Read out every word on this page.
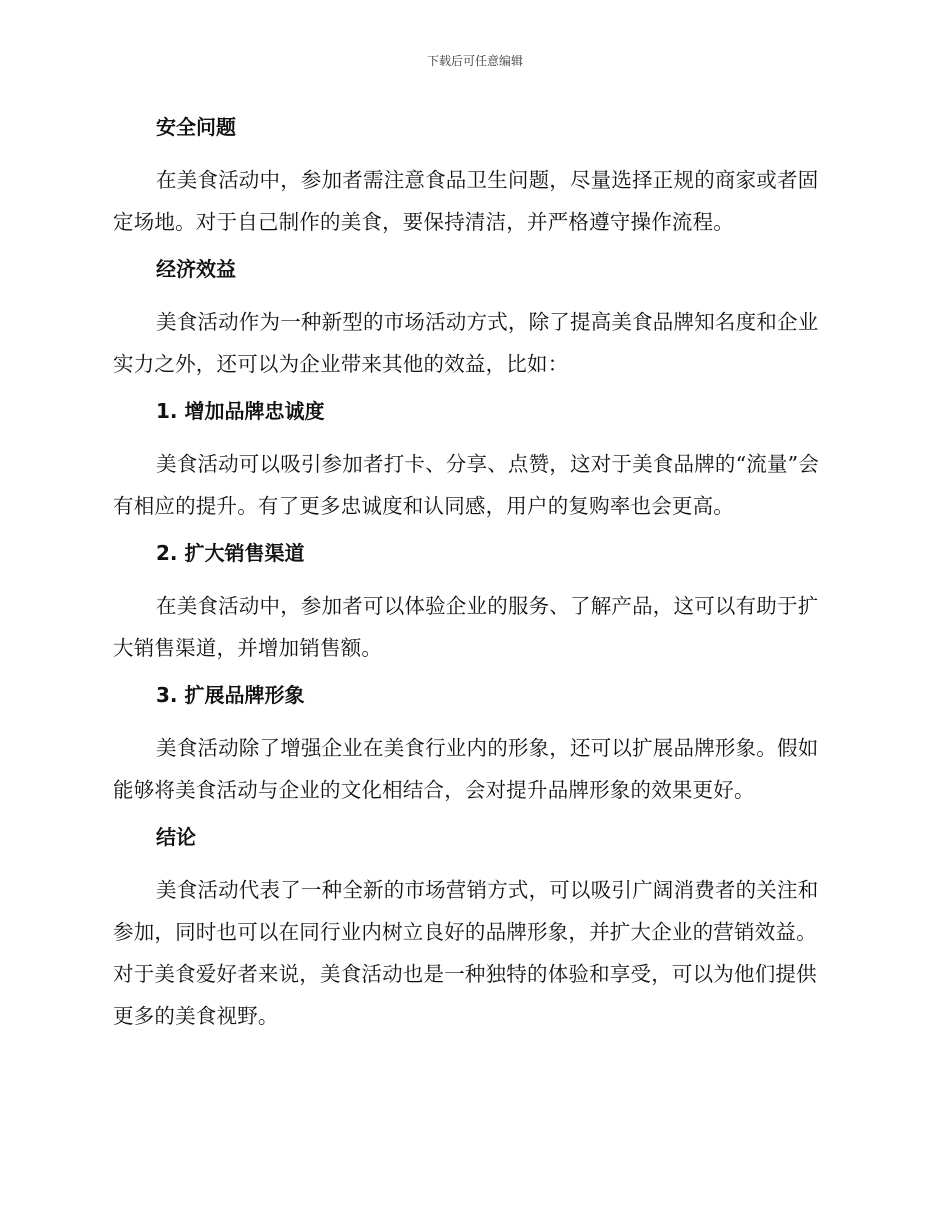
下载后可任意编辑
安全问题
在美食活动中，参加者需注意食品卫生问题，尽量选择正规的商家或者固定场地。对于自己制作的美食，要保持清洁，并严格遵守操作流程。
经济效益
美食活动作为一种新型的市场活动方式，除了提高美食品牌知名度和企业实力之外，还可以为企业带来其他的效益，比如：
1. 增加品牌忠诚度
美食活动可以吸引参加者打卡、分享、点赞，这对于美食品牌的“流量”会有相应的提升。有了更多忠诚度和认同感，用户的复购率也会更高。
2. 扩大销售渠道
在美食活动中，参加者可以体验企业的服务、了解产品，这可以有助于扩大销售渠道，并增加销售额。
3. 扩展品牌形象
美食活动除了增强企业在美食行业内的形象，还可以扩展品牌形象。假如能够将美食活动与企业的文化相结合，会对提升品牌形象的效果更好。
结论
美食活动代表了一种全新的市场营销方式，可以吸引广阔消费者的关注和参加，同时也可以在同行业内树立良好的品牌形象，并扩大企业的营销效益。对于美食爱好者来说，美食活动也是一种独特的体验和享受，可以为他们提供更多的美食视野。
